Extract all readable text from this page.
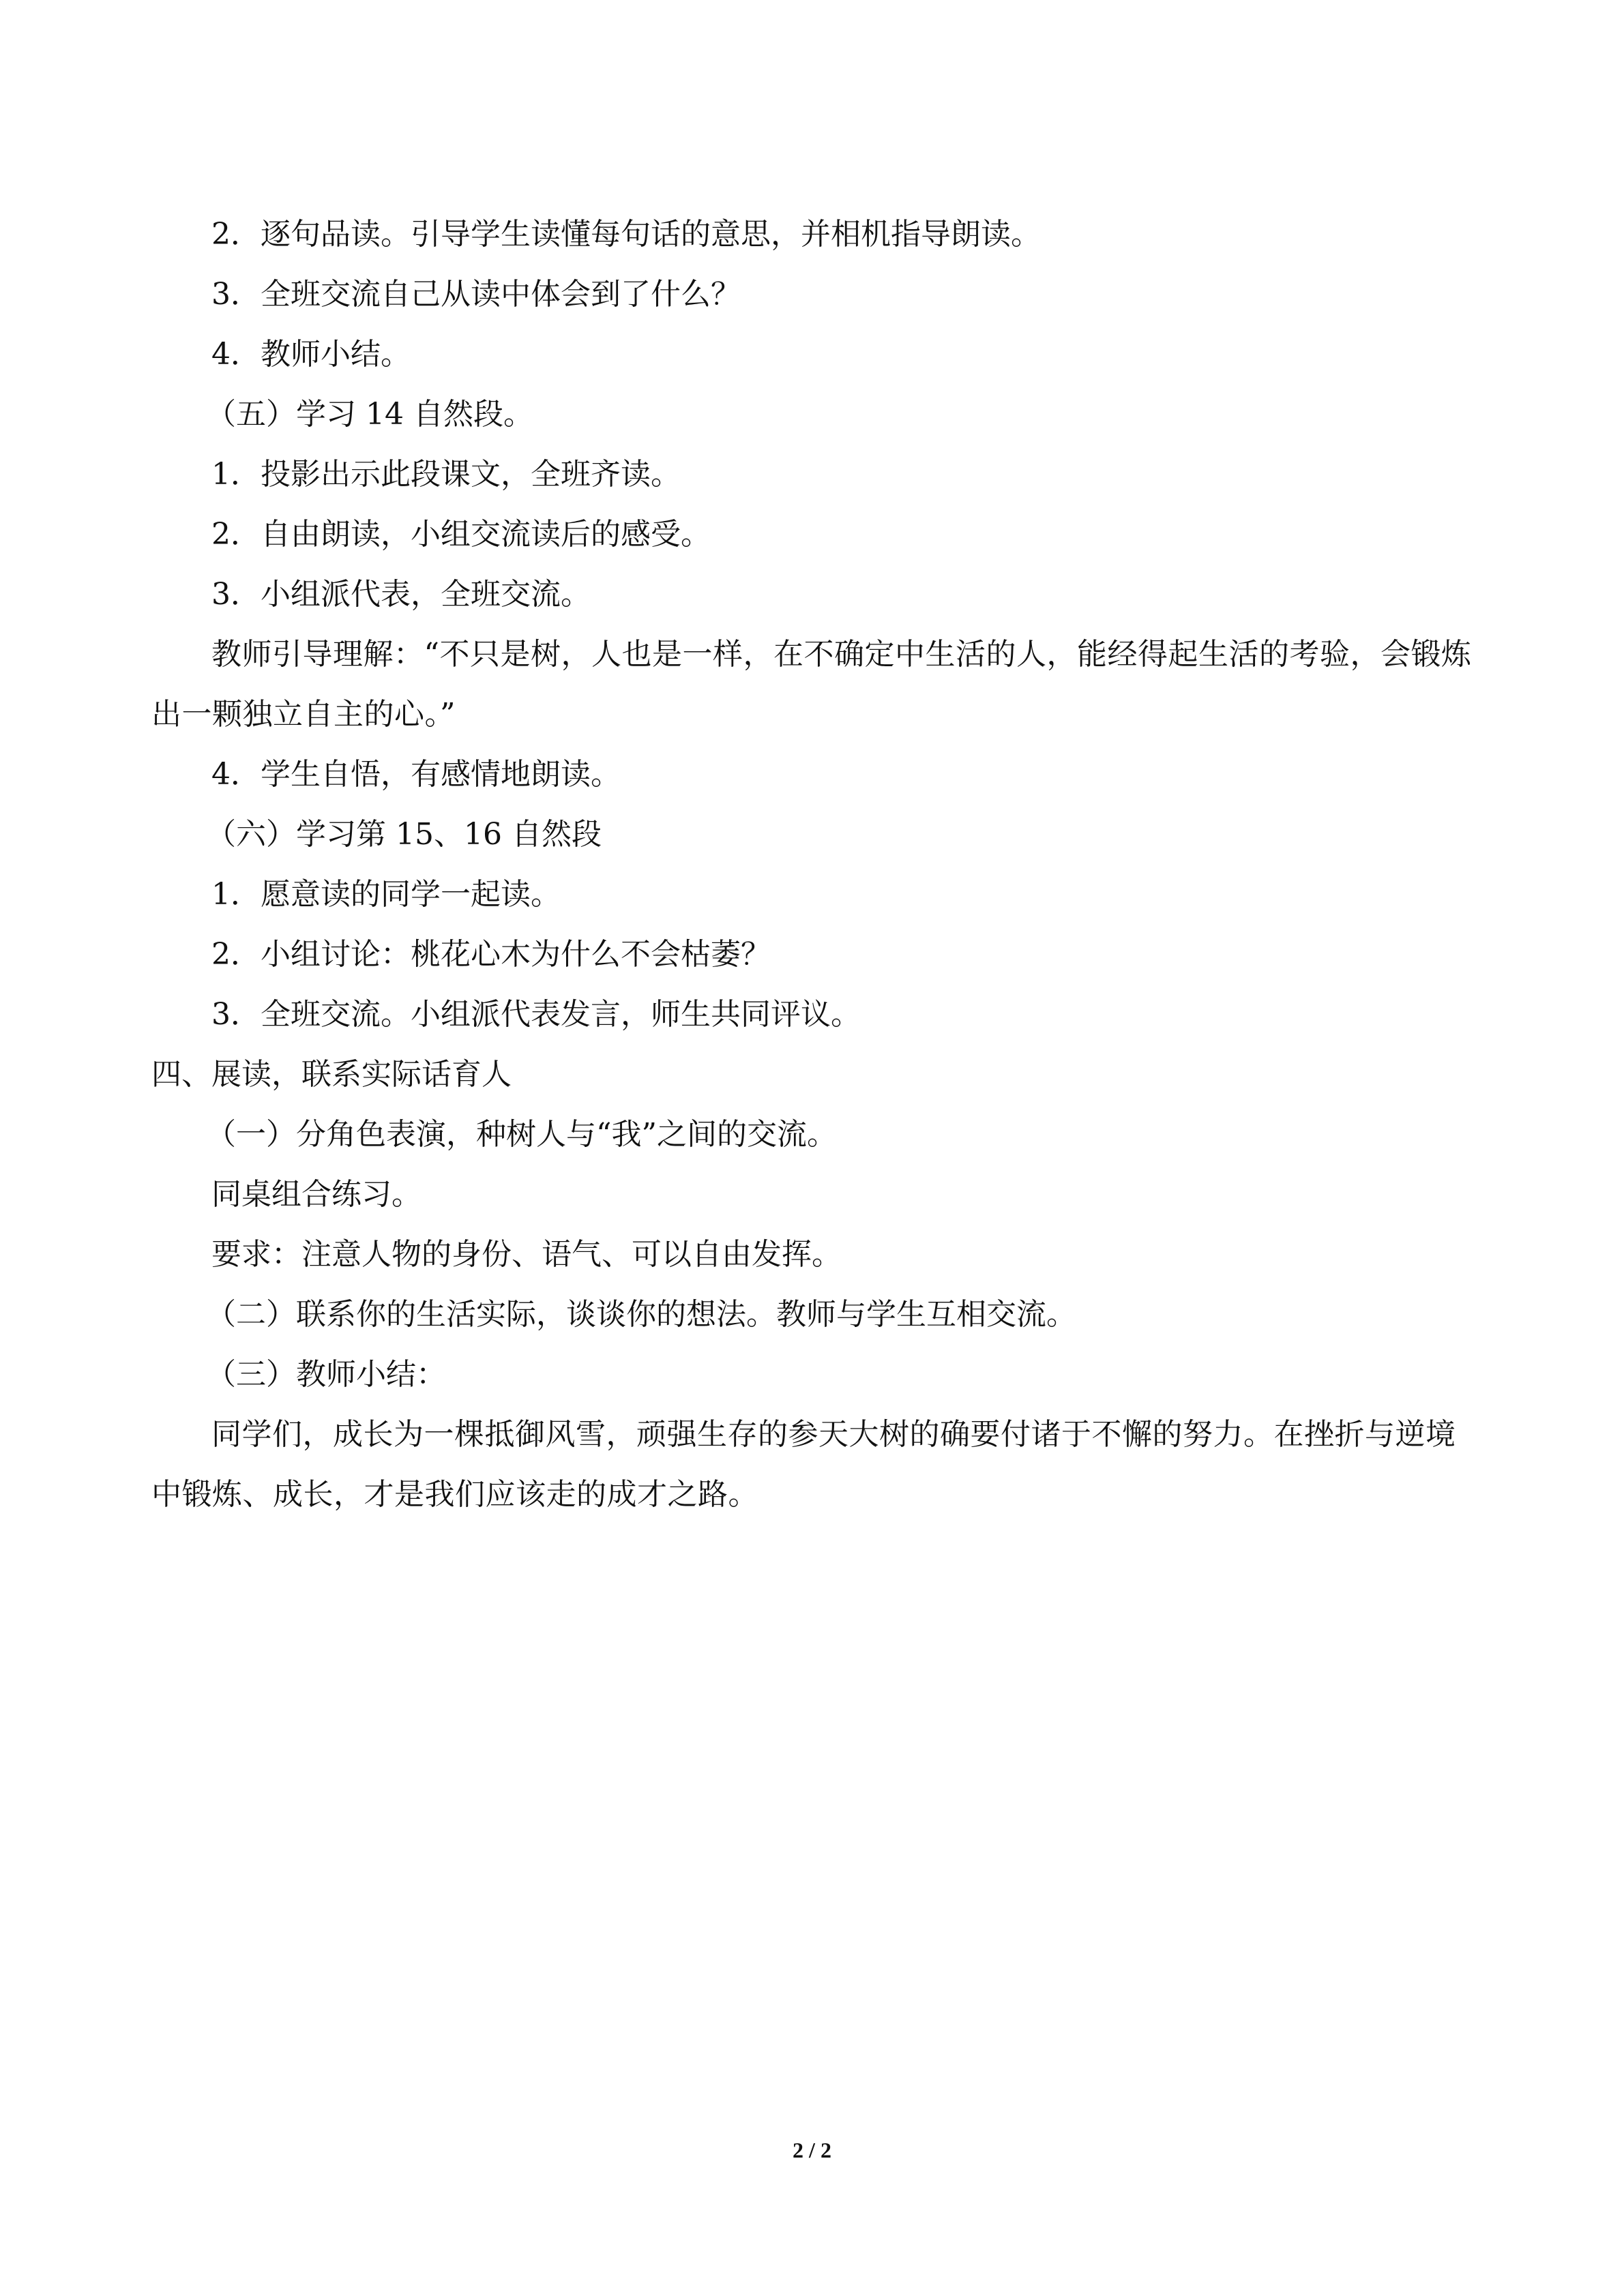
2．逐句品读。引导学生读懂每句话的意思，并相机指导朗读。

3．全班交流自己从读中体会到了什么？

4．教师小结。

（五）学习 14 自然段。

1．投影出示此段课文，全班齐读。

2．自由朗读，小组交流读后的感受。

3．小组派代表，全班交流。

教师引导理解：“不只是树，人也是一样，在不确定中生活的人，能经得起生活的考验，会锻炼出一颗独立自主的心。”

4．学生自悟，有感情地朗读。

（六）学习第 15、16 自然段

1．愿意读的同学一起读。

2．小组讨论：桃花心木为什么不会枯萎？

3．全班交流。小组派代表发言，师生共同评议。

四、展读，联系实际话育人

（一）分角色表演，种树人与“我”之间的交流。

同桌组合练习。

要求：注意人物的身份、语气、可以自由发挥。

（二）联系你的生活实际，谈谈你的想法。教师与学生互相交流。

（三）教师小结：

同学们，成长为一棵抵御风雪，顽强生存的参天大树的确要付诸于不懈的努力。在挫折与逆境中锻炼、成长，才是我们应该走的成才之路。

2 / 2
